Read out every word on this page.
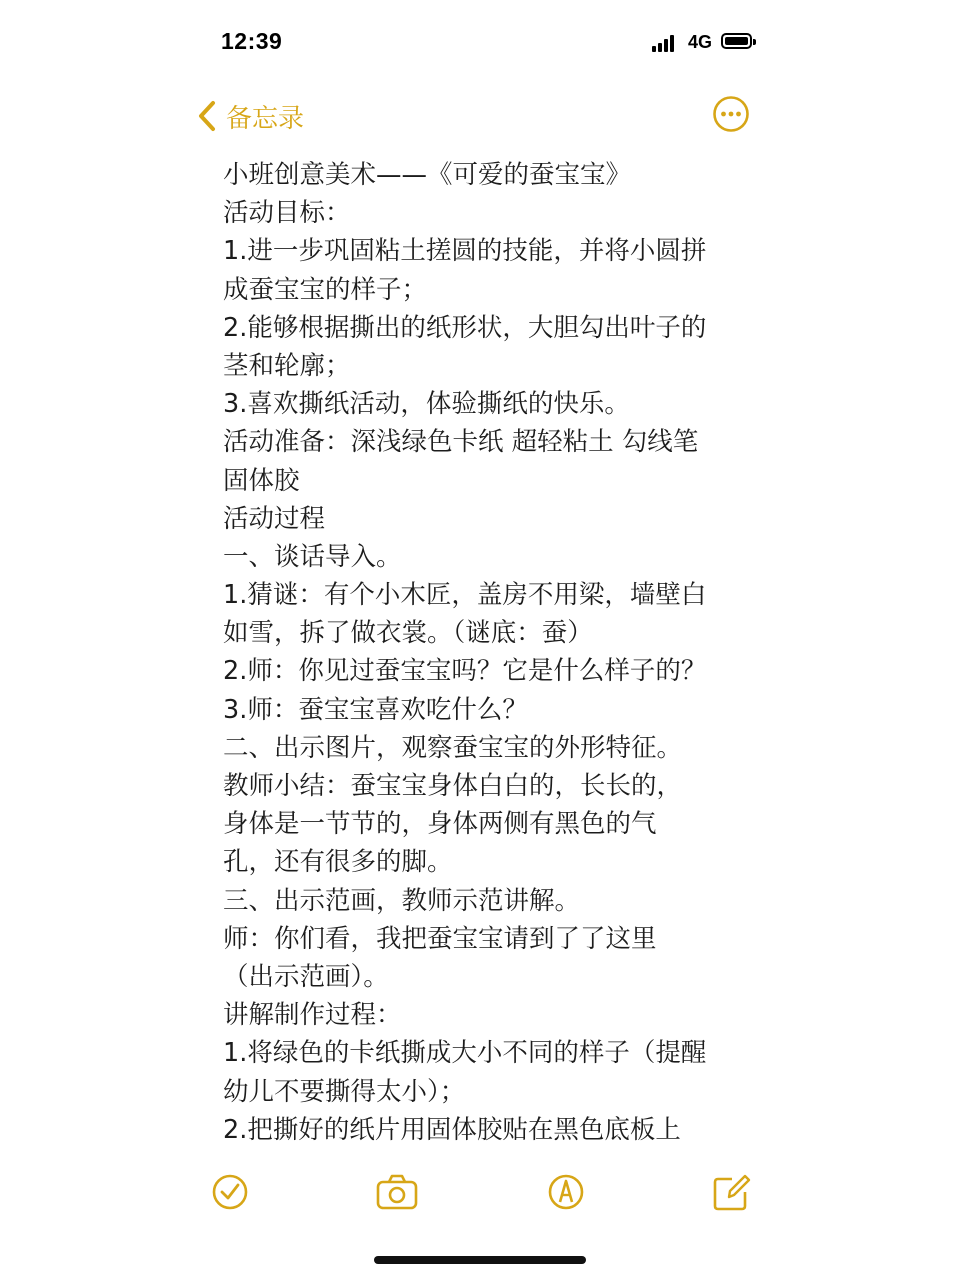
12:39	4G
备忘录
小班创意美术——《可爱的蚕宝宝》
活动目标：
1.进一步巩固粘土搓圆的技能，并将小圆拼
成蚕宝宝的样子；
2.能够根据撕出的纸形状，大胆勾出叶子的
茎和轮廓；
3.喜欢撕纸活动，体验撕纸的快乐。
活动准备：深浅绿色卡纸 超轻粘土 勾线笔
固体胶
活动过程
一、谈话导入。
1.猜谜：有个小木匠，盖房不用梁，墙壁白
如雪，拆了做衣裳。（谜底：蚕）
2.师：你见过蚕宝宝吗？它是什么样子的？
3.师：蚕宝宝喜欢吃什么？
二、出示图片，观察蚕宝宝的外形特征。
教师小结：蚕宝宝身体白白的，长长的，
身体是一节节的，身体两侧有黑色的气
孔，还有很多的脚。
三、出示范画，教师示范讲解。
师：你们看，我把蚕宝宝请到了了这里
（出示范画）。
讲解制作过程：
1.将绿色的卡纸撕成大小不同的样子（提醒
幼儿不要撕得太小）；
2.把撕好的纸片用固体胶贴在黑色底板上
